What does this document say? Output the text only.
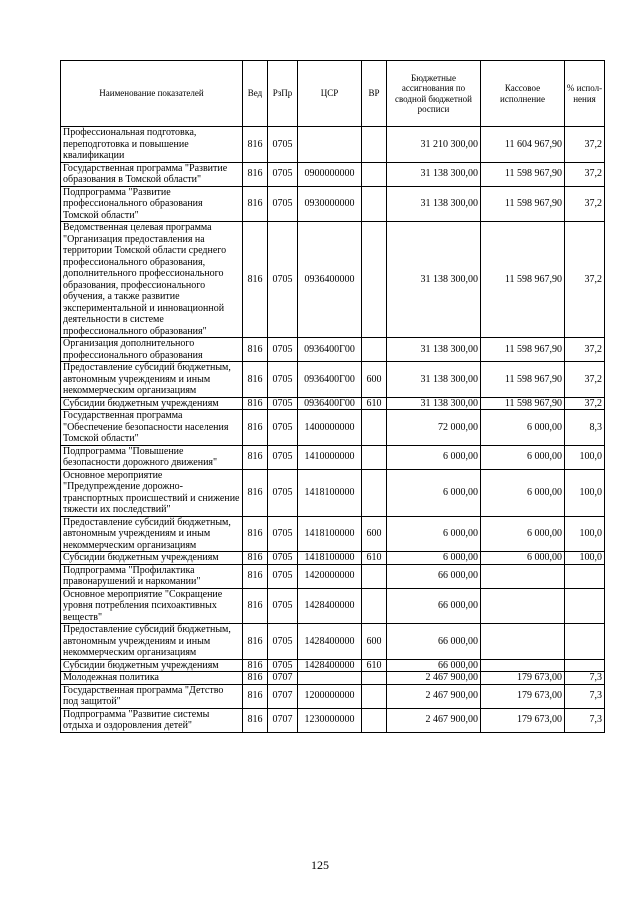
Наименование показателей	Вед	РзПр	ЦСР	ВР	Бюджетные ассигнования по сводной бюджетной росписи	Кассовое исполнение	% испол-нения
Профессиональная подготовка, переподготовка и повышение квалификации	816	0705			31 210 300,00	11 604 967,90	37,2
Государственная программа "Развитие образования в Томской области"	816	0705	0900000000		31 138 300,00	11 598 967,90	37,2
Подпрограмма "Развитие профессионального образования Томской области"	816	0705	0930000000		31 138 300,00	11 598 967,90	37,2
Ведомственная целевая программа "Организация предоставления на территории Томской области среднего профессионального образования, дополнительного профессионального образования, профессионального обучения, а также развитие экспериментальной и инновационной деятельности в системе профессионального образования"	816	0705	0936400000		31 138 300,00	11 598 967,90	37,2
Организация дополнительного профессионального образования	816	0705	0936400Г00		31 138 300,00	11 598 967,90	37,2
Предоставление субсидий бюджетным, автономным учреждениям и иным некоммерческим организациям	816	0705	0936400Г00	600	31 138 300,00	11 598 967,90	37,2
Субсидии бюджетным учреждениям	816	0705	0936400Г00	610	31 138 300,00	11 598 967,90	37,2
Государственная программа "Обеспечение безопасности населения Томской области"	816	0705	1400000000		72 000,00	6 000,00	8,3
Подпрограмма "Повышение безопасности дорожного движения"	816	0705	1410000000		6 000,00	6 000,00	100,0
Основное мероприятие "Предупреждение дорожно-транспортных происшествий и снижение тяжести их последствий"	816	0705	1418100000		6 000,00	6 000,00	100,0
Предоставление субсидий бюджетным, автономным учреждениям и иным некоммерческим организациям	816	0705	1418100000	600	6 000,00	6 000,00	100,0
Субсидии бюджетным учреждениям	816	0705	1418100000	610	6 000,00	6 000,00	100,0
Подпрограмма "Профилактика правонарушений и наркомании"	816	0705	1420000000		66 000,00		
Основное мероприятие "Сокращение уровня потребления психоактивных веществ"	816	0705	1428400000		66 000,00		
Предоставление субсидий бюджетным, автономным учреждениям и иным некоммерческим организациям	816	0705	1428400000	600	66 000,00		
Субсидии бюджетным учреждениям	816	0705	1428400000	610	66 000,00		
Молодежная политика	816	0707			2 467 900,00	179 673,00	7,3
Государственная программа "Детство под защитой"	816	0707	1200000000		2 467 900,00	179 673,00	7,3
Подпрограмма "Развитие системы отдыха и оздоровления детей"	816	0707	1230000000		2 467 900,00	179 673,00	7,3
125
